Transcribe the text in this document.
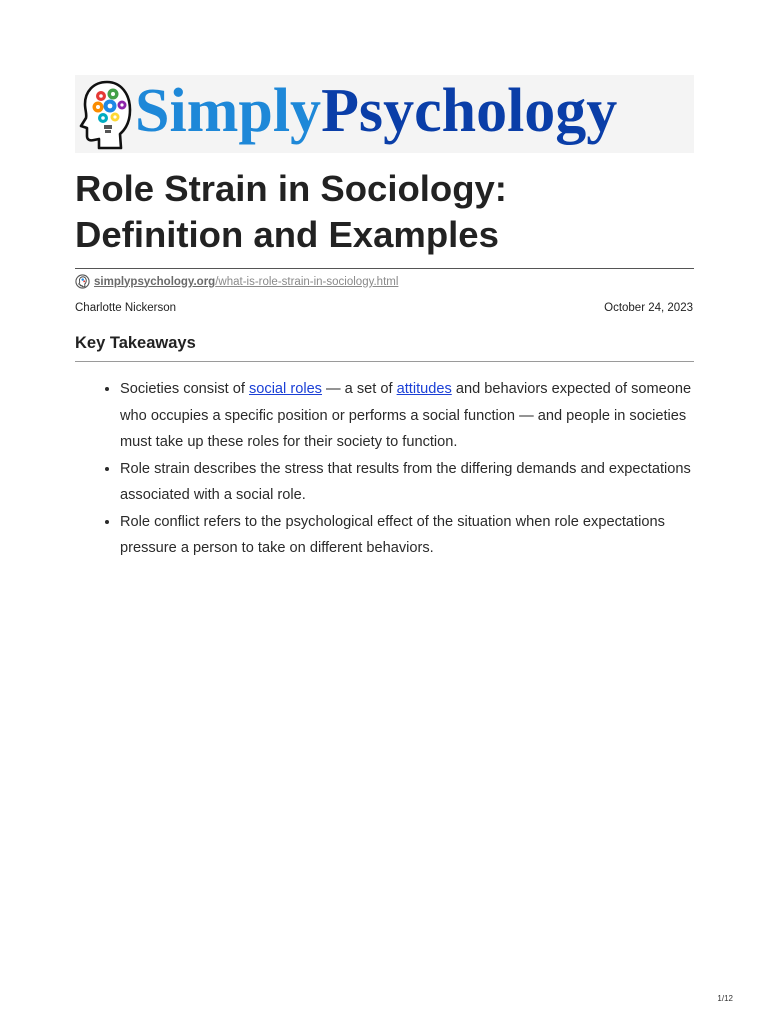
SimplyPsychology
Role Strain in Sociology:
Definition and Examples
simplypsychology.org /what-is-role-strain-in-sociology.html
Charlotte Nickerson	October 24, 2023
Key Takeaways
Societies consist of social roles — a set of attitudes and behaviors expected of someone who occupies a specific position or performs a social function — and people in societies must take up these roles for their society to function.
Role strain describes the stress that results from the differing demands and expectations associated with a social role.
Role conflict refers to the psychological effect of the situation when role expectations pressure a person to take on different behaviors.
1/12
